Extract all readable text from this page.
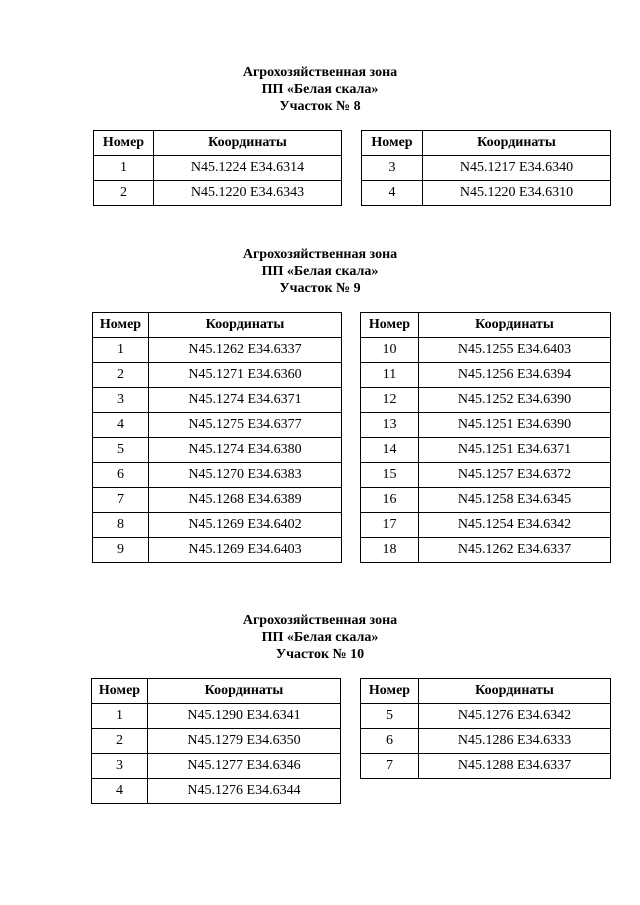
Агрохозяйственная зона
ПП «Белая скала»
Участок № 8
Номер	Координаты
1	N45.1224 E34.6314
2	N45.1220 E34.6343
Номер	Координаты
3	N45.1217 E34.6340
4	N45.1220 E34.6310
Агрохозяйственная зона
ПП «Белая скала»
Участок № 9
Номер	Координаты
1	N45.1262 E34.6337
2	N45.1271 E34.6360
3	N45.1274 E34.6371
4	N45.1275 E34.6377
5	N45.1274 E34.6380
6	N45.1270 E34.6383
7	N45.1268 E34.6389
8	N45.1269 E34.6402
9	N45.1269 E34.6403
Номер	Координаты
10	N45.1255 E34.6403
11	N45.1256 E34.6394
12	N45.1252 E34.6390
13	N45.1251 E34.6390
14	N45.1251 E34.6371
15	N45.1257 E34.6372
16	N45.1258 E34.6345
17	N45.1254 E34.6342
18	N45.1262 E34.6337
Агрохозяйственная зона
ПП «Белая скала»
Участок № 10
Номер	Координаты
1	N45.1290 E34.6341
2	N45.1279 E34.6350
3	N45.1277 E34.6346
4	N45.1276 E34.6344
Номер	Координаты
5	N45.1276 E34.6342
6	N45.1286 E34.6333
7	N45.1288 E34.6337
